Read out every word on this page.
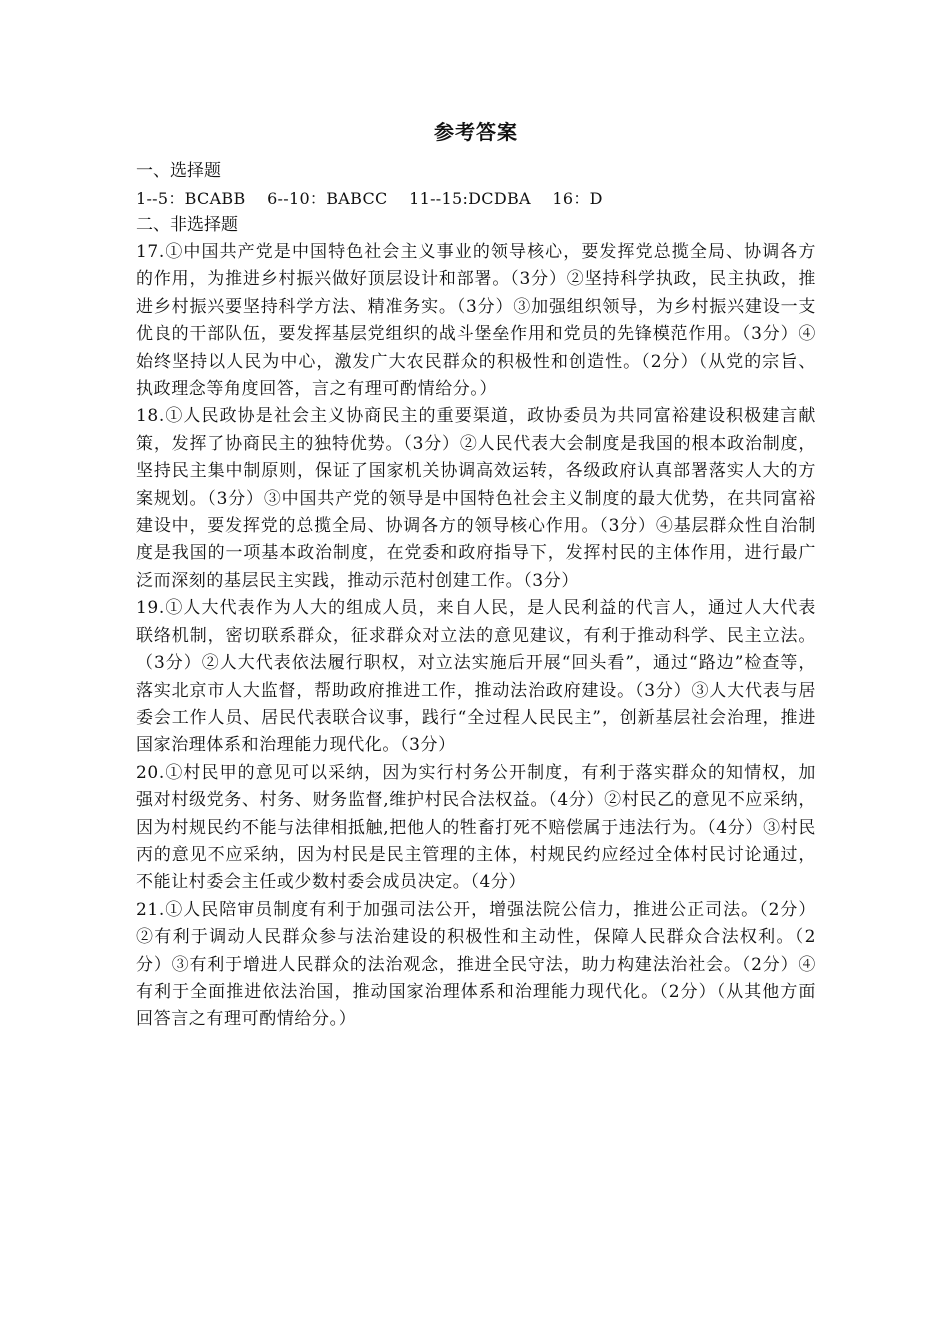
参考答案

一、选择题

1--5：BCABB    6--10：BABCC    11--15:DCDBA    16：D

二、非选择题

17.①中国共产党是中国特色社会主义事业的领导核心，要发挥党总揽全局、协调各方的作用，为推进乡村振兴做好顶层设计和部署。（3分）②坚持科学执政，民主执政，推进乡村振兴要坚持科学方法、精准务实。（3分）③加强组织领导，为乡村振兴建设一支优良的干部队伍，要发挥基层党组织的战斗堡垒作用和党员的先锋模范作用。（3分）④始终坚持以人民为中心，激发广大农民群众的积极性和创造性。（2分）（从党的宗旨、执政理念等角度回答，言之有理可酌情给分。）

18.①人民政协是社会主义协商民主的重要渠道，政协委员为共同富裕建设积极建言献策，发挥了协商民主的独特优势。（3分）②人民代表大会制度是我国的根本政治制度，坚持民主集中制原则，保证了国家机关协调高效运转，各级政府认真部署落实人大的方案规划。（3分）③中国共产党的领导是中国特色社会主义制度的最大优势，在共同富裕建设中，要发挥党的总揽全局、协调各方的领导核心作用。（3分）④基层群众性自治制度是我国的一项基本政治制度，在党委和政府指导下，发挥村民的主体作用，进行最广泛而深刻的基层民主实践，推动示范村创建工作。（3分）

19.①人大代表作为人大的组成人员，来自人民，是人民利益的代言人，通过人大代表联络机制，密切联系群众，征求群众对立法的意见建议，有利于推动科学、民主立法。（3分）②人大代表依法履行职权，对立法实施后开展“回头看”，通过“路边”检查等，落实北京市人大监督，帮助政府推进工作，推动法治政府建设。（3分）③人大代表与居委会工作人员、居民代表联合议事，践行“全过程人民民主”，创新基层社会治理，推进国家治理体系和治理能力现代化。（3分）

20.①村民甲的意见可以采纳，因为实行村务公开制度，有利于落实群众的知情权，加强对村级党务、村务、财务监督,维护村民合法权益。（4分）②村民乙的意见不应采纳，因为村规民约不能与法律相抵触,把他人的牲畜打死不赔偿属于违法行为。（4分）③村民丙的意见不应采纳，因为村民是民主管理的主体，村规民约应经过全体村民讨论通过，不能让村委会主任或少数村委会成员决定。（4分）

21.①人民陪审员制度有利于加强司法公开，增强法院公信力，推进公正司法。（2分）②有利于调动人民群众参与法治建设的积极性和主动性，保障人民群众合法权利。（2分）③有利于增进人民群众的法治观念，推进全民守法，助力构建法治社会。（2分）④有利于全面推进依法治国，推动国家治理体系和治理能力现代化。（2分）（从其他方面回答言之有理可酌情给分。）
